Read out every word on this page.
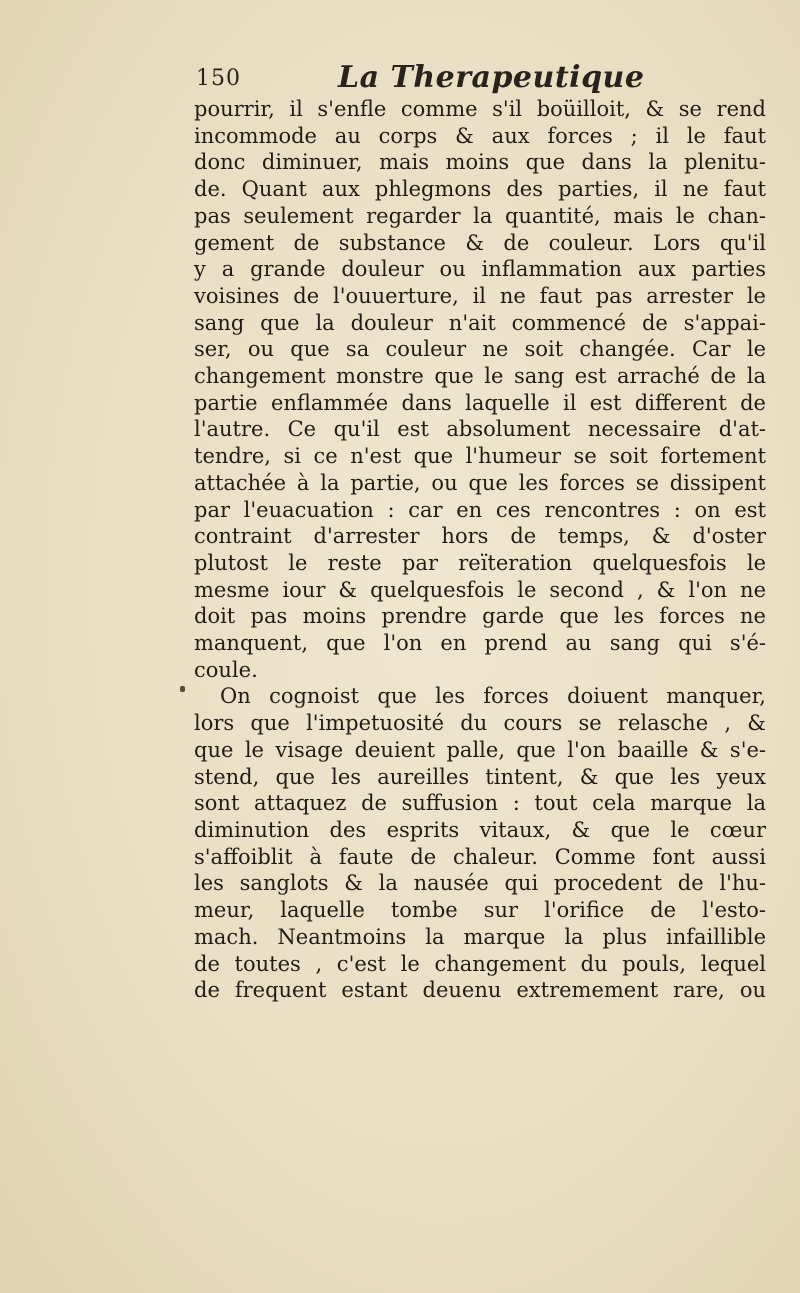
150	La Therapeutique
pourrir, il s'enfle comme s'il boüilloit, & se rend
incommode au corps & aux forces ; il le faut
donc diminuer, mais moins que dans la plenitu-
de. Quant aux phlegmons des parties, il ne faut
pas seulement regarder la quantité, mais le chan-
gement de substance & de couleur. Lors qu'il
y a grande douleur ou inflammation aux parties
voisines de l'ouuerture, il ne faut pas arrester le
sang que la douleur n'ait commencé de s'appai-
ser, ou que sa couleur ne soit changée. Car le
changement monstre que le sang est arraché de la
partie enflammée dans laquelle il est different de
l'autre. Ce qu'il est absolument necessaire d'at-
tendre, si ce n'est que l'humeur se soit fortement
attachée à la partie, ou que les forces se dissipent
par l'euacuation : car en ces rencontres : on est
contraint d'arrester hors de temps, & d'oster
plutost le reste par reïteration quelquesfois le
mesme iour & quelquesfois le second , & l'on ne
doit pas moins prendre garde que les forces ne
manquent, que l'on en prend au sang qui s'é-
coule.
On cognoist que les forces doiuent manquer,
lors que l'impetuosité du cours se relasche , &
que le visage deuient palle, que l'on baaille & s'e-
stend, que les aureilles tintent, & que les yeux
sont attaquez de suffusion : tout cela marque la
diminution des esprits vitaux, & que le cœur
s'affoiblit à faute de chaleur. Comme font aussi
les sanglots & la nausée qui procedent de l'hu-
meur, laquelle tombe sur l'orifice de l'esto-
mach. Neantmoins la marque la plus infaillible
de toutes , c'est le changement du pouls, lequel
de frequent estant deuenu extremement rare, ou
